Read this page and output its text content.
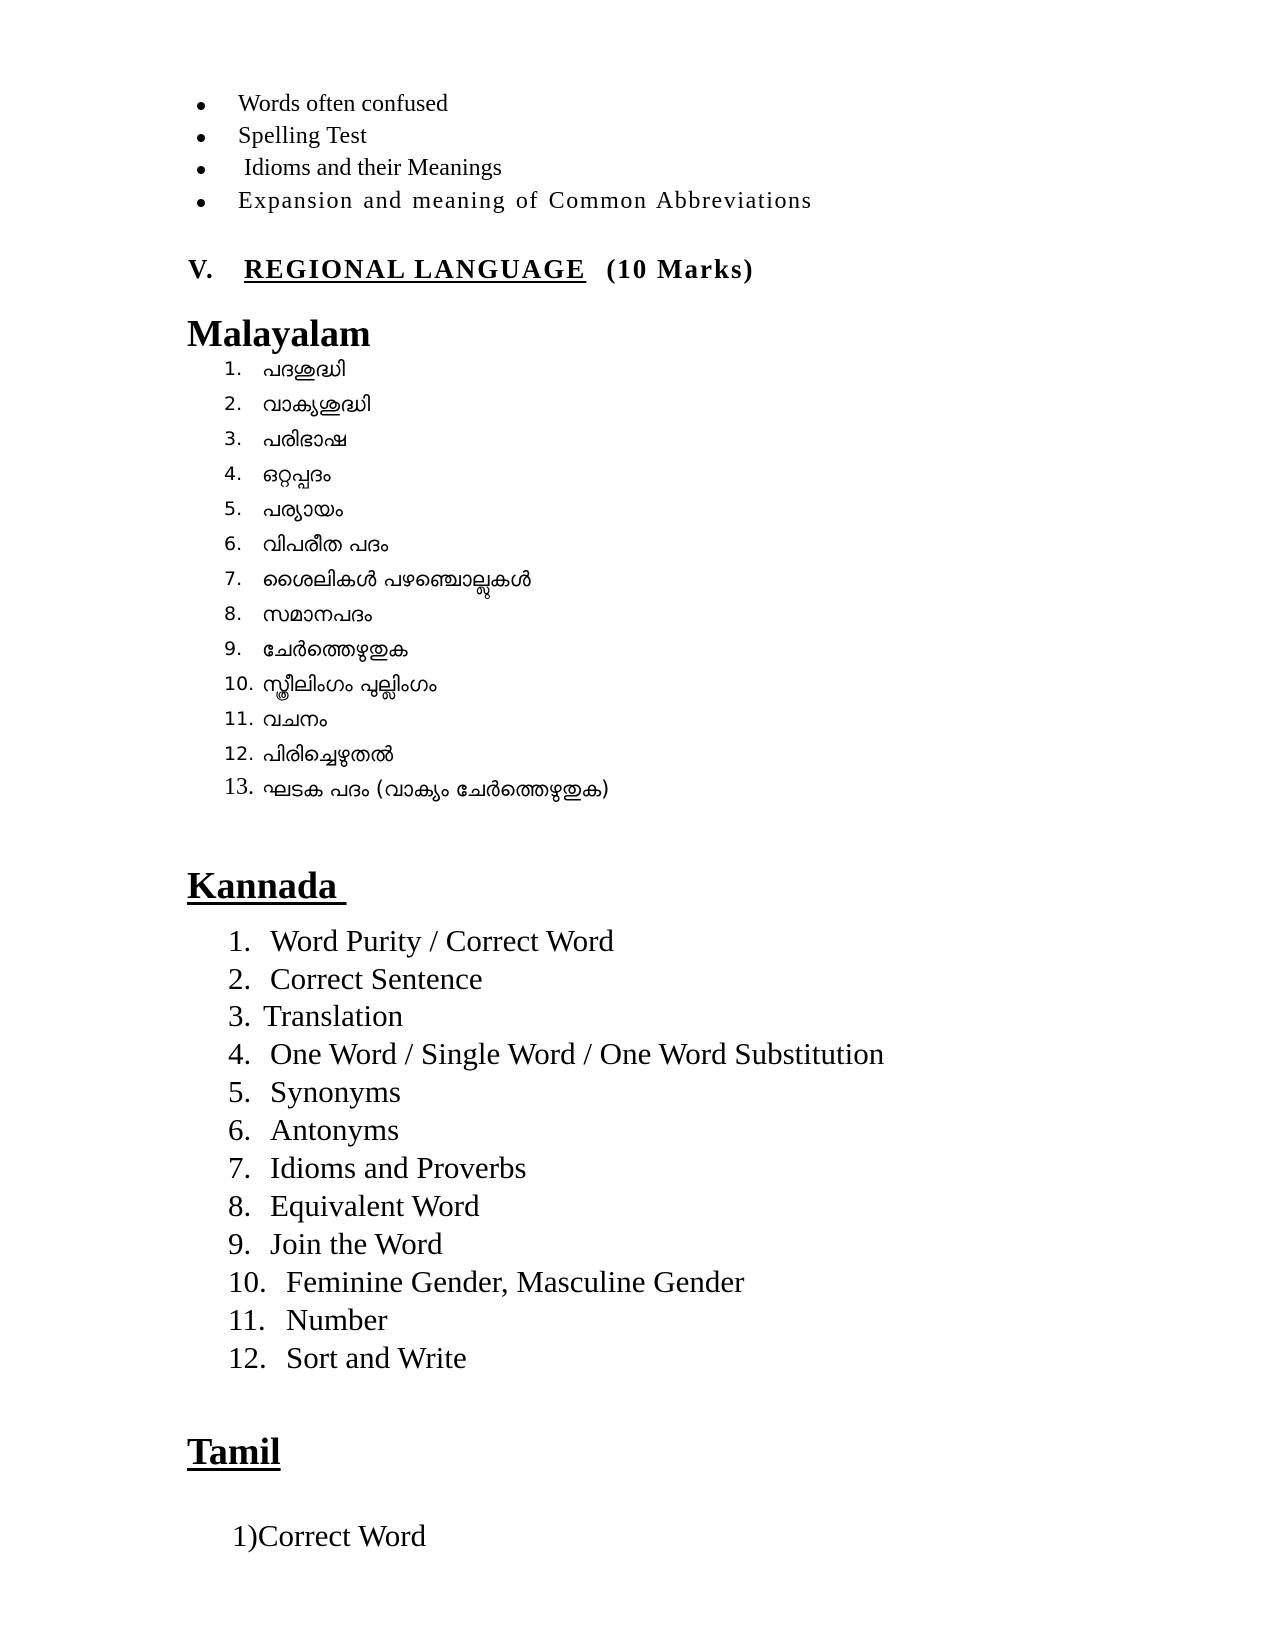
Words often confused
Spelling Test
Idioms and their Meanings
Expansion and meaning of Common Abbreviations
V. REGIONAL LANGUAGE (10 Marks)
Malayalam
1. പദശുദ്ധി
2. വാക്യശുദ്ധി
3. പരിഭാഷ
4. ഒറ്റപ്പദം
5. പര്യായം
6. വിപരീത പദം
7. ശൈലികൾ പഴഞ്ചൊല്ലുകൾ
8. സമാനപദം
9. ചേർത്തെഴുതുക
10. സ്ത്രീലിംഗം പുല്ലിംഗം
11. വചനം
12. പിരിച്ചെഴുതൽ
13. ഘടക പദം (വാക്യം ചേർത്തെഴുതുക)
Kannada
1. Word Purity / Correct Word
2. Correct Sentence
3. Translation
4. One Word / Single Word / One Word Substitution
5. Synonyms
6. Antonyms
7. Idioms and Proverbs
8. Equivalent Word
9. Join the Word
10. Feminine Gender, Masculine Gender
11. Number
12. Sort and Write
Tamil
1)Correct Word
